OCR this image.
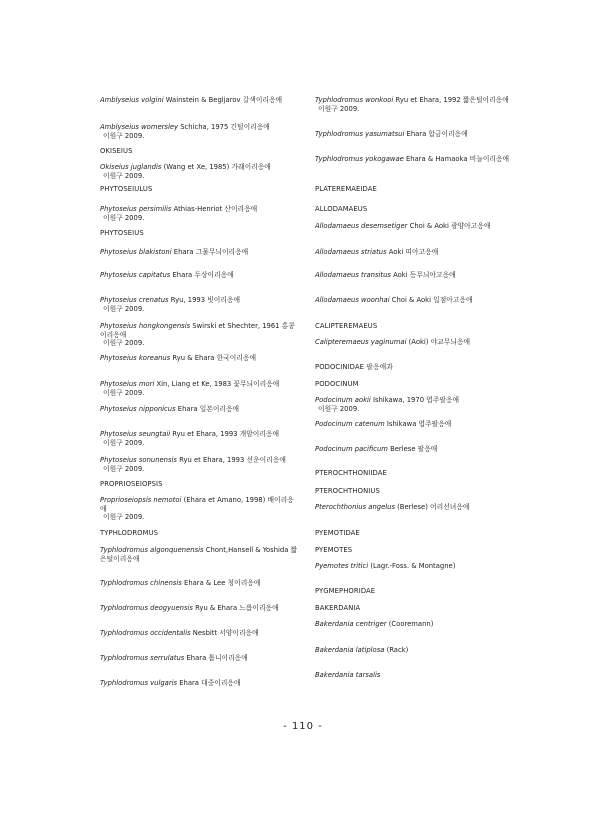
Amblyseius volgini Wainstein & Begljarov 갈색이리응애
Amblyseius womersley Schicha, 1975 긴털이리응애
이원구 2009.
OKISEIUS
Okiseius juglandis (Wang et Xe, 1985) 가래이리응애
이원구 2009.
PHYTOSEIULUS
Phytoseius persimilis Athias-Henriot 산이리응애
이원구 2009.
PHYTOSEIUS
Phytoseius blakistoni Ehara 그물무늬이리응애
Phytoseius capitatus Ehara 두상이리응애
Phytoseius crenatus Ryu, 1993 빗이리응애
이원구 2009.
Phytoseius hongkongensis Swirski et Shechter, 1961 홍콩이리응애
이원구 2009.
Phytoseius koreanus Ryu & Ehara 한국이리응애
Phytoseius mori Xin, Liang et Ke, 1983 꽃무늬이리응애
이원구 2009.
Phytoseius nipponicus Ehara 일본이리응애
Phytoseius seungtaii Ryu et Ehara, 1993 개암이리응애
이원구 2009.
Phytoseius sonunensis Ryu et Ehara, 1993 선운이리응애
이원구 2009.
PROPRIOSEIOPSIS
Proprioseiopsis nemotoi (Ehara et Amano, 1998) 배이리응애
이원구 2009.
TYPHLODROMUS
Typhlodromus algonquenensis Chont,Hansell & Yoshida 짧은털이리응애
Typhlodromus chinensis Ehara & Lee 청이리응애
Typhlodromus deogyuensis Ryu & Ehara 느릅이리응애
Typhlodromus occidentalis Nesbitt 서양이리응애
Typhlodromus serrulatus Ehara 톱니이리응애
Typhlodromus vulgaris Ehara 대중이리응애
Typhlodromus wonkooi Ryu et Ehara, 1992 짧은털이리응애
이원구 2009.
Typhlodromus yasumatsui Ehara 합금이리응애
Typhlodromus yokogawae Ehara & Hamaoka 비늘이리응애
PLATEREMAEIDAE
ALLODAMAEUS
Allodamaeus desemsetiger Choi & Aoki 광양아고응애
Allodamaeus striatus Aoki 띠아고응애
Allodamaeus transitus Aoki 등무늬아고응애
Allodamaeus woonhai Choi & Aoki 일점아고응애
CALIPTEREMAEUS
Calipteremaeus yaginumai (Aoki) 야교무늬응애
PODOCINIDAE 팔응애과
PODOCINUM
Podocinum aokii Ishikawa, 1970 엽주팔응애
이원구 2009.
Podocinum catenum Ishikawa 엽주팔응애
Podocinum pacificum Berlese 팔응애
PTEROCHTHONIIDAE
PTEROCHTHONIUS
Pterochthonius angelus (Berlese) 어리선녀응애
PYEMOTIDAE
PYEMOTES
Pyemotes tritici (Lagr.-Foss. & Montagne)
PYGMEPHORIDAE
BAKERDANIA
Bakerdania centriger (Cooremann)
Bakerdania latiplosa (Rack)
Bakerdania tarsalis
- 110 -
